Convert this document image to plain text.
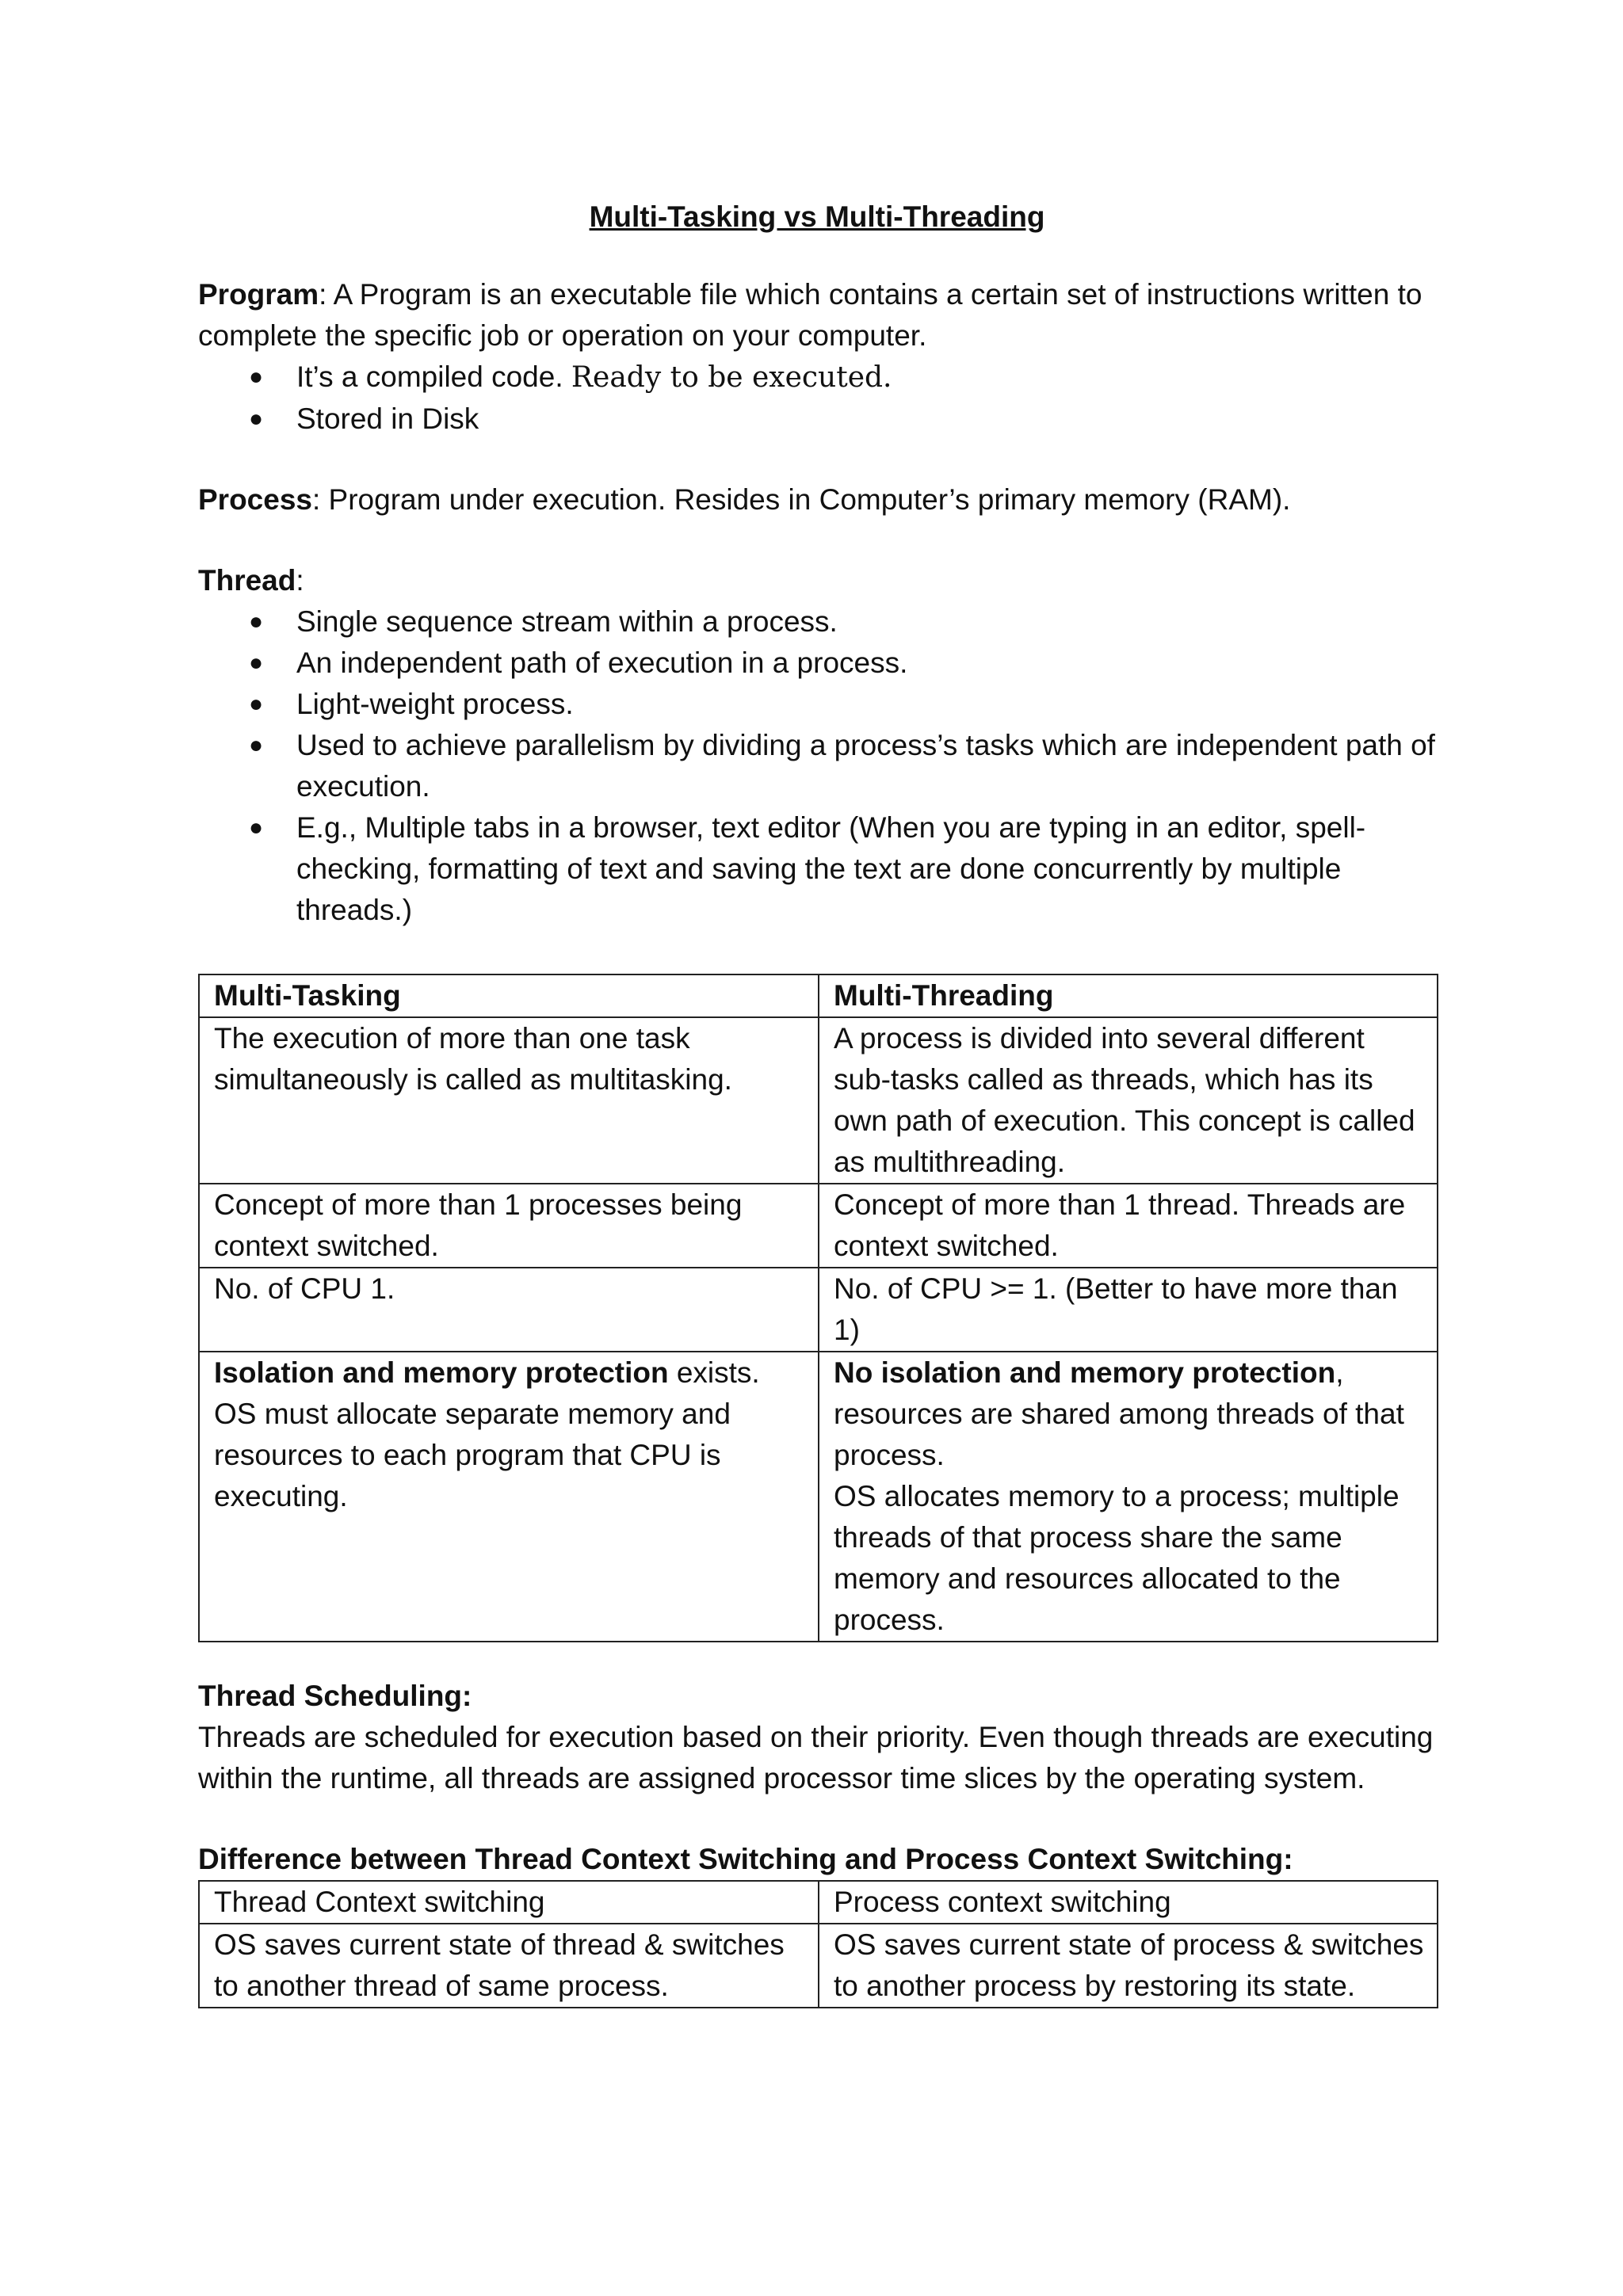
Multi-Tasking vs Multi-Threading

Program: A Program is an executable file which contains a certain set of instructions written to complete the specific job or operation on your computer.

● It’s a compiled code. Ready to be executed.
● Stored in Disk

Process: Program under execution. Resides in Computer’s primary memory (RAM).

Thread:

● Single sequence stream within a process.
● An independent path of execution in a process.
● Light-weight process.
● Used to achieve parallelism by dividing a process’s tasks which are independent path of execution.
● E.g., Multiple tabs in a browser, text editor (When you are typing in an editor, spell-checking, formatting of text and saving the text are done concurrently by multiple threads.)
Multi-Tasking	Multi-Threading
The execution of more than one task simultaneously is called as multitasking.	A process is divided into several different sub-tasks called as threads, which has its own path of execution. This concept is called as multithreading.
Concept of more than 1 processes being context switched.	Concept of more than 1 thread. Threads are context switched.
No. of CPU 1.	No. of CPU >= 1. (Better to have more than 1)
Isolation and memory protection exists. OS must allocate separate memory and resources to each program that CPU is executing.	No isolation and memory protection, resources are shared among threads of that process.
OS allocates memory to a process; multiple threads of that process share the same memory and resources allocated to the process.

Thread Scheduling:

Threads are scheduled for execution based on their priority. Even though threads are executing within the runtime, all threads are assigned processor time slices by the operating system.

Difference between Thread Context Switching and Process Context Switching:

Thread Context switching	Process context switching
OS saves current state of thread & switches to another thread of same process.	OS saves current state of process & switches to another process by restoring its state.
